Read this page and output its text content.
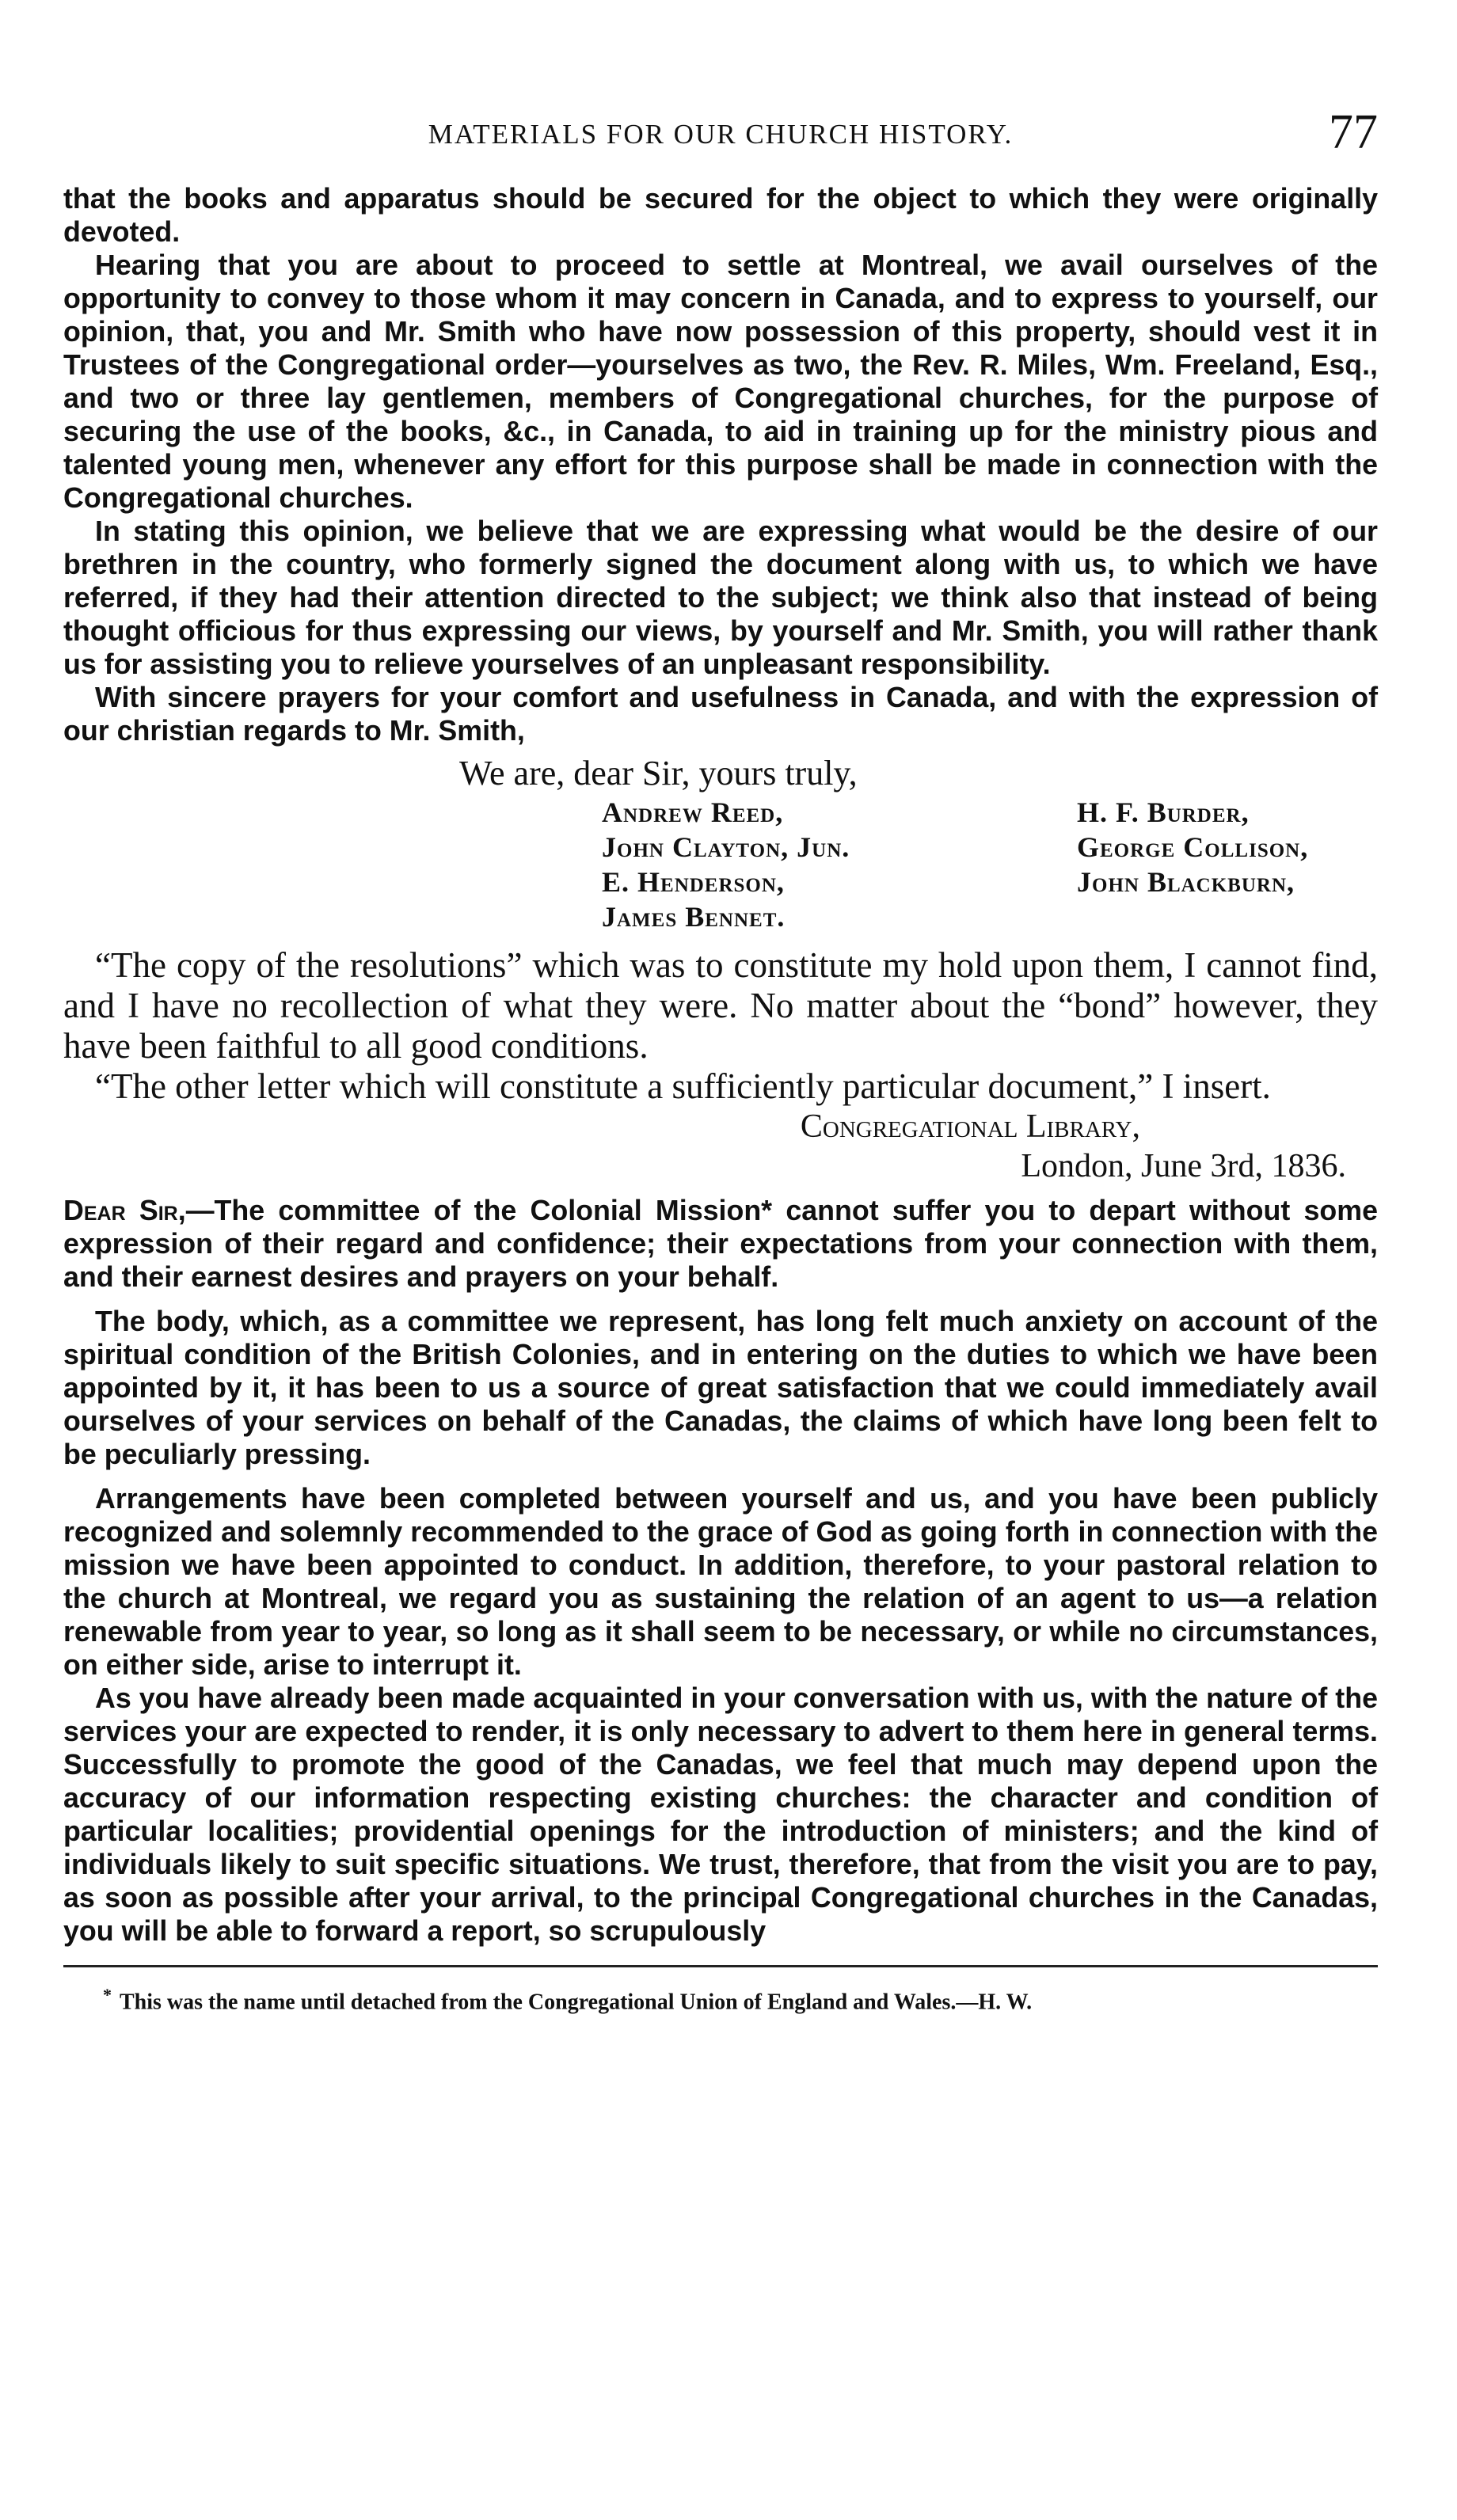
MATERIALS FOR OUR CHURCH HISTORY.	77

that the books and apparatus should be secured for the object to which they were originally devoted.

Hearing that you are about to proceed to settle at Montreal, we avail ourselves of the opportunity to convey to those whom it may concern in Canada, and to express to yourself, our opinion, that, you and Mr. Smith who have now possession of this property, should vest it in Trustees of the Congregational order—yourselves as two, the Rev. R. Miles, Wm. Freeland, Esq., and two or three lay gentlemen, members of Congregational churches, for the purpose of securing the use of the books, &c., in Canada, to aid in training up for the ministry pious and talented young men, whenever any effort for this purpose shall be made in connection with the Congregational churches.

In stating this opinion, we believe that we are expressing what would be the desire of our brethren in the country, who formerly signed the document along with us, to which we have referred, if they had their attention directed to the subject; we think also that instead of being thought officious for thus expressing our views, by yourself and Mr. Smith, you will rather thank us for assisting you to relieve yourselves of an unpleasant responsibility.

With sincere prayers for your comfort and usefulness in Canada, and with the expression of our christian regards to Mr. Smith,

We are, dear Sir, yours truly,
Andrew Reed,	H. F. Burder,
John Clayton, Jun.	George Collison,
E. Henderson,	John Blackburn,
James Bennet.

“The copy of the resolutions” which was to constitute my hold upon them, I cannot find, and I have no recollection of what they were. No matter about the “bond” however, they have been faithful to all good conditions.

“The other letter which will constitute a sufficiently particular document,” I insert.

Congregational Library,
London, June 3rd, 1836.

Dear Sir,—The committee of the Colonial Mission* cannot suffer you to depart without some expression of their regard and confidence; their expectations from your connection with them, and their earnest desires and prayers on your behalf.

The body, which, as a committee we represent, has long felt much anxiety on account of the spiritual condition of the British Colonies, and in entering on the duties to which we have been appointed by it, it has been to us a source of great satisfaction that we could immediately avail ourselves of your services on behalf of the Canadas, the claims of which have long been felt to be peculiarly pressing.

Arrangements have been completed between yourself and us, and you have been publicly recognized and solemnly recommended to the grace of God as going forth in connection with the mission we have been appointed to conduct. In addition, therefore, to your pastoral relation to the church at Montreal, we regard you as sustaining the relation of an agent to us—a relation renewable from year to year, so long as it shall seem to be necessary, or while no circumstances, on either side, arise to interrupt it.

As you have already been made acquainted in your conversation with us, with the nature of the services your are expected to render, it is only necessary to advert to them here in general terms. Successfully to promote the good of the Canadas, we feel that much may depend upon the accuracy of our information respecting existing churches: the character and condition of particular localities; providential openings for the introduction of ministers; and the kind of individuals likely to suit specific situations. We trust, therefore, that from the visit you are to pay, as soon as possible after your arrival, to the principal Congregational churches in the Canadas, you will be able to forward a report, so scrupulously

* This was the name until detached from the Congregational Union of England and Wales.—H. W.
